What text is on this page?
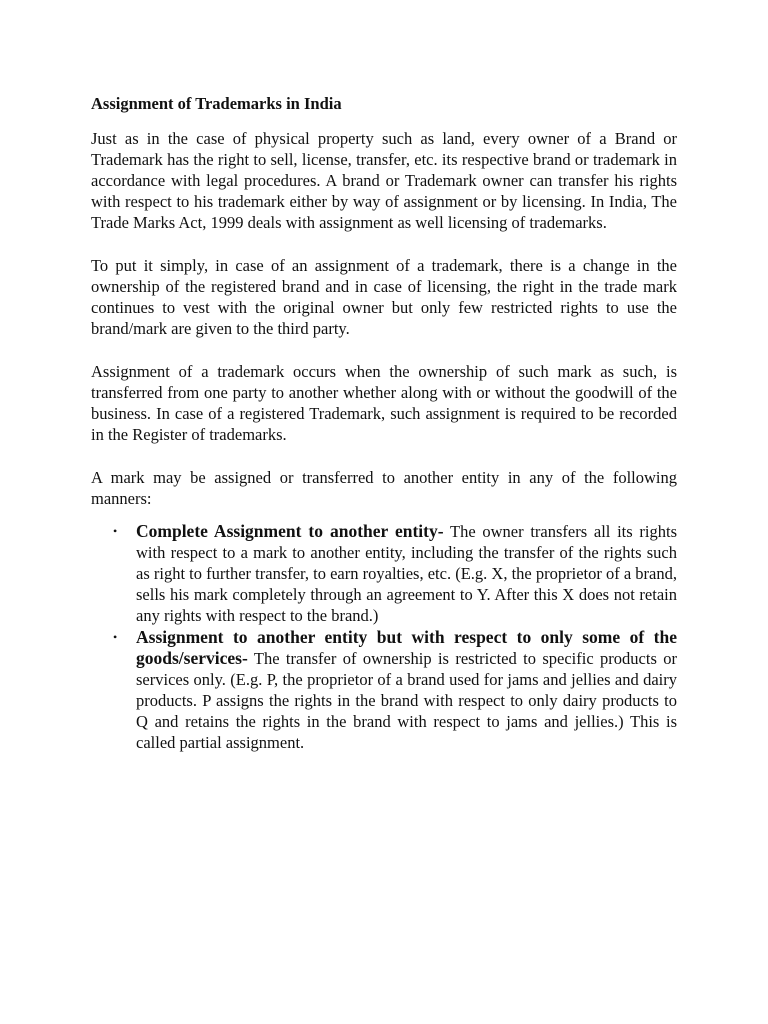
Assignment of Trademarks in India

Just as in the case of physical property such as land, every owner of a Brand or Trademark has the right to sell, license, transfer, etc. its respective brand or trademark in accordance with legal procedures. A brand or Trademark owner can transfer his rights with respect to his trademark either by way of assignment or by licensing. In India, The Trade Marks Act, 1999 deals with assignment as well licensing of trademarks.

To put it simply, in case of an assignment of a trademark, there is a change in the ownership of the registered brand and in case of licensing, the right in the trade mark continues to vest with the original owner but only few restricted rights to use the brand/mark are given to the third party.

Assignment of a trademark occurs when the ownership of such mark as such, is transferred from one party to another whether along with or without the goodwill of the business. In case of a registered Trademark, such assignment is required to be recorded in the Register of trademarks.

A mark may be assigned or transferred to another entity in any of the following manners:

• Complete Assignment to another entity- The owner transfers all its rights with respect to a mark to another entity, including the transfer of the rights such as right to further transfer, to earn royalties, etc. (E.g. X, the proprietor of a brand, sells his mark completely through an agreement to Y. After this X does not retain any rights with respect to the brand.)
• Assignment to another entity but with respect to only some of the goods/services- The transfer of ownership is restricted to specific products or services only. (E.g. P, the proprietor of a brand used for jams and jellies and dairy products. P assigns the rights in the brand with respect to only dairy products to Q and retains the rights in the brand with respect to jams and jellies.) This is called partial assignment.
